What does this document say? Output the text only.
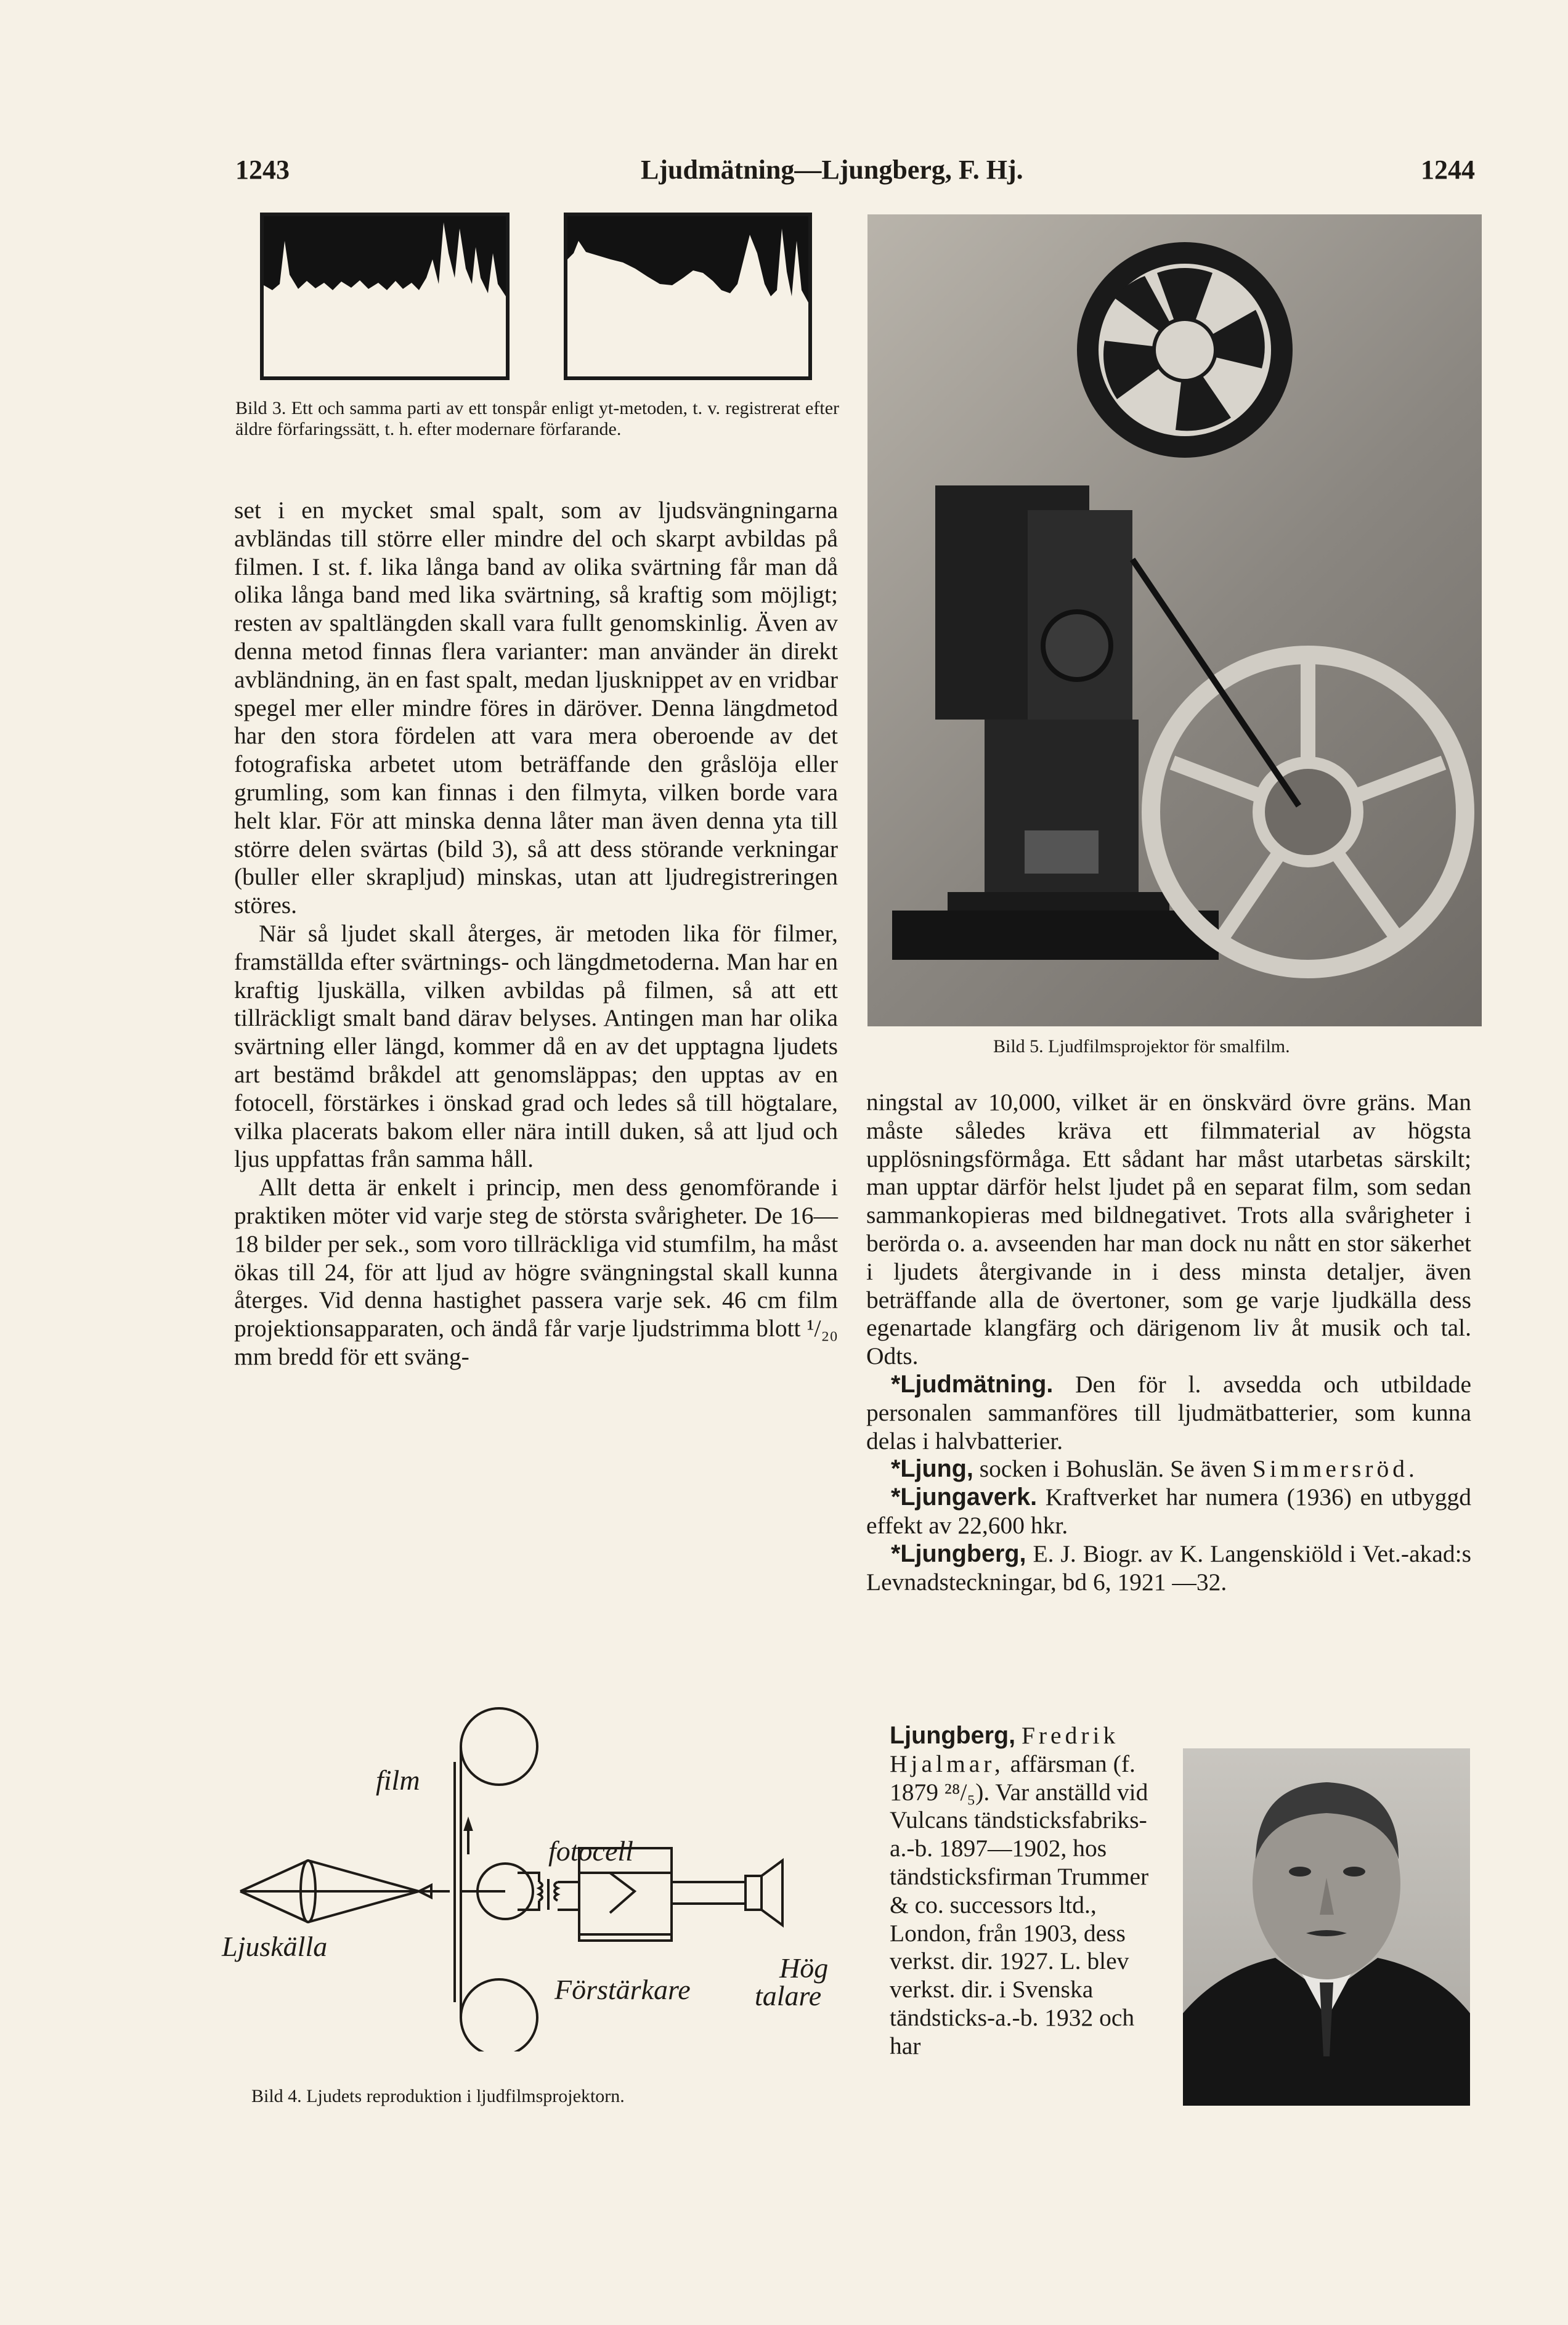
1243	Ljudmätning—Ljungberg, F. Hj.	1244
Bild 3. Ett och samma parti av ett tonspår enligt yt-metoden, t. v. registrerat efter äldre förfaringssätt, t. h. efter modernare förfarande.

set i en mycket smal spalt, som av ljudsvängningarna avbländas till större eller mindre del och skarpt avbildas på filmen. I st. f. lika långa band av olika svärtning får man då olika långa band med lika svärtning, så kraftig som möjligt; resten av spaltlängden skall vara fullt genomskinlig. Även av denna metod finnas flera varianter: man använder än direkt avbländning, än en fast spalt, medan ljusknippet av en vridbar spegel mer eller mindre föres in däröver. Denna längdmetod har den stora fördelen att vara mera oberoende av det fotografiska arbetet utom beträffande den gråslöja eller grumling, som kan finnas i den filmyta, vilken borde vara helt klar. För att minska denna låter man även denna yta till större delen svärtas (bild 3), så att dess störande verkningar (buller eller skrapljud) minskas, utan att ljudregistreringen störes.

När så ljudet skall återges, är metoden lika för filmer, framställda efter svärtnings- och längdmetoderna. Man har en kraftig ljuskälla, vilken avbildas på filmen, så att ett tillräckligt smalt band därav belyses. Antingen man har olika svärtning eller längd, kommer då en av det upptagna ljudets art bestämd bråkdel att genomsläppas; den upptas av en fotocell, förstärkes i önskad grad och ledes så till högtalare, vilka placerats bakom eller nära intill duken, så att ljud och ljus uppfattas från samma håll.

Allt detta är enkelt i princip, men dess genomförande i praktiken möter vid varje steg de största svårigheter. De 16—18 bilder per sek., som voro tillräckliga vid stumfilm, ha måst ökas till 24, för att ljud av högre svängningstal skall kunna återges. Vid denna hastighet passera varje sek. 46 cm film projektionsapparaten, och ändå får varje ljudstrimma blott ¹/₂₀ mm bredd för ett sväng-

film
fotocell
Ljuskälla
Förstärkare
Hög
talare
Bild 4. Ljudets reproduktion i ljudfilmsprojektorn.
Bild 5. Ljudfilmsprojektor för smalfilm.

ningstal av 10,000, vilket är en önskvärd övre gräns. Man måste således kräva ett filmmaterial av högsta upplösningsförmåga. Ett sådant har måst utarbetas särskilt; man upptar därför helst ljudet på en separat film, som sedan sammankopieras med bildnegativet. Trots alla svårigheter i berörda o. a. avseenden har man dock nu nått en stor säkerhet i ljudets återgivande in i dess minsta detaljer, även beträffande alla de övertoner, som ge varje ljudkälla dess egenartade klangfärg och därigenom liv åt musik och tal. Odts.

*Ljudmätning. Den för l. avsedda och utbildade personalen sammanföres till ljudmätbatterier, som kunna delas i halvbatterier.

*Ljung, socken i Bohuslän. Se även Simmersröd.

*Ljungaverk. Kraftverket har numera (1936) en utbyggd effekt av 22,600 hkr.

*Ljungberg, E. J. Biogr. av K. Langenskiöld i Vet.-akad:s Levnadsteckningar, bd 6, 1921 —32.

Ljungberg, Fredrik Hjalmar, affärsman (f. 1879 ²⁸/₅). Var anställd vid Vulcans tändsticksfabriks-a.-b. 1897—1902, hos tändsticksfirman Trummer & co. successors ltd., London, från 1903, dess verkst. dir. 1927. L. blev verkst. dir. i Svenska tändsticks-a.-b. 1932 och har
